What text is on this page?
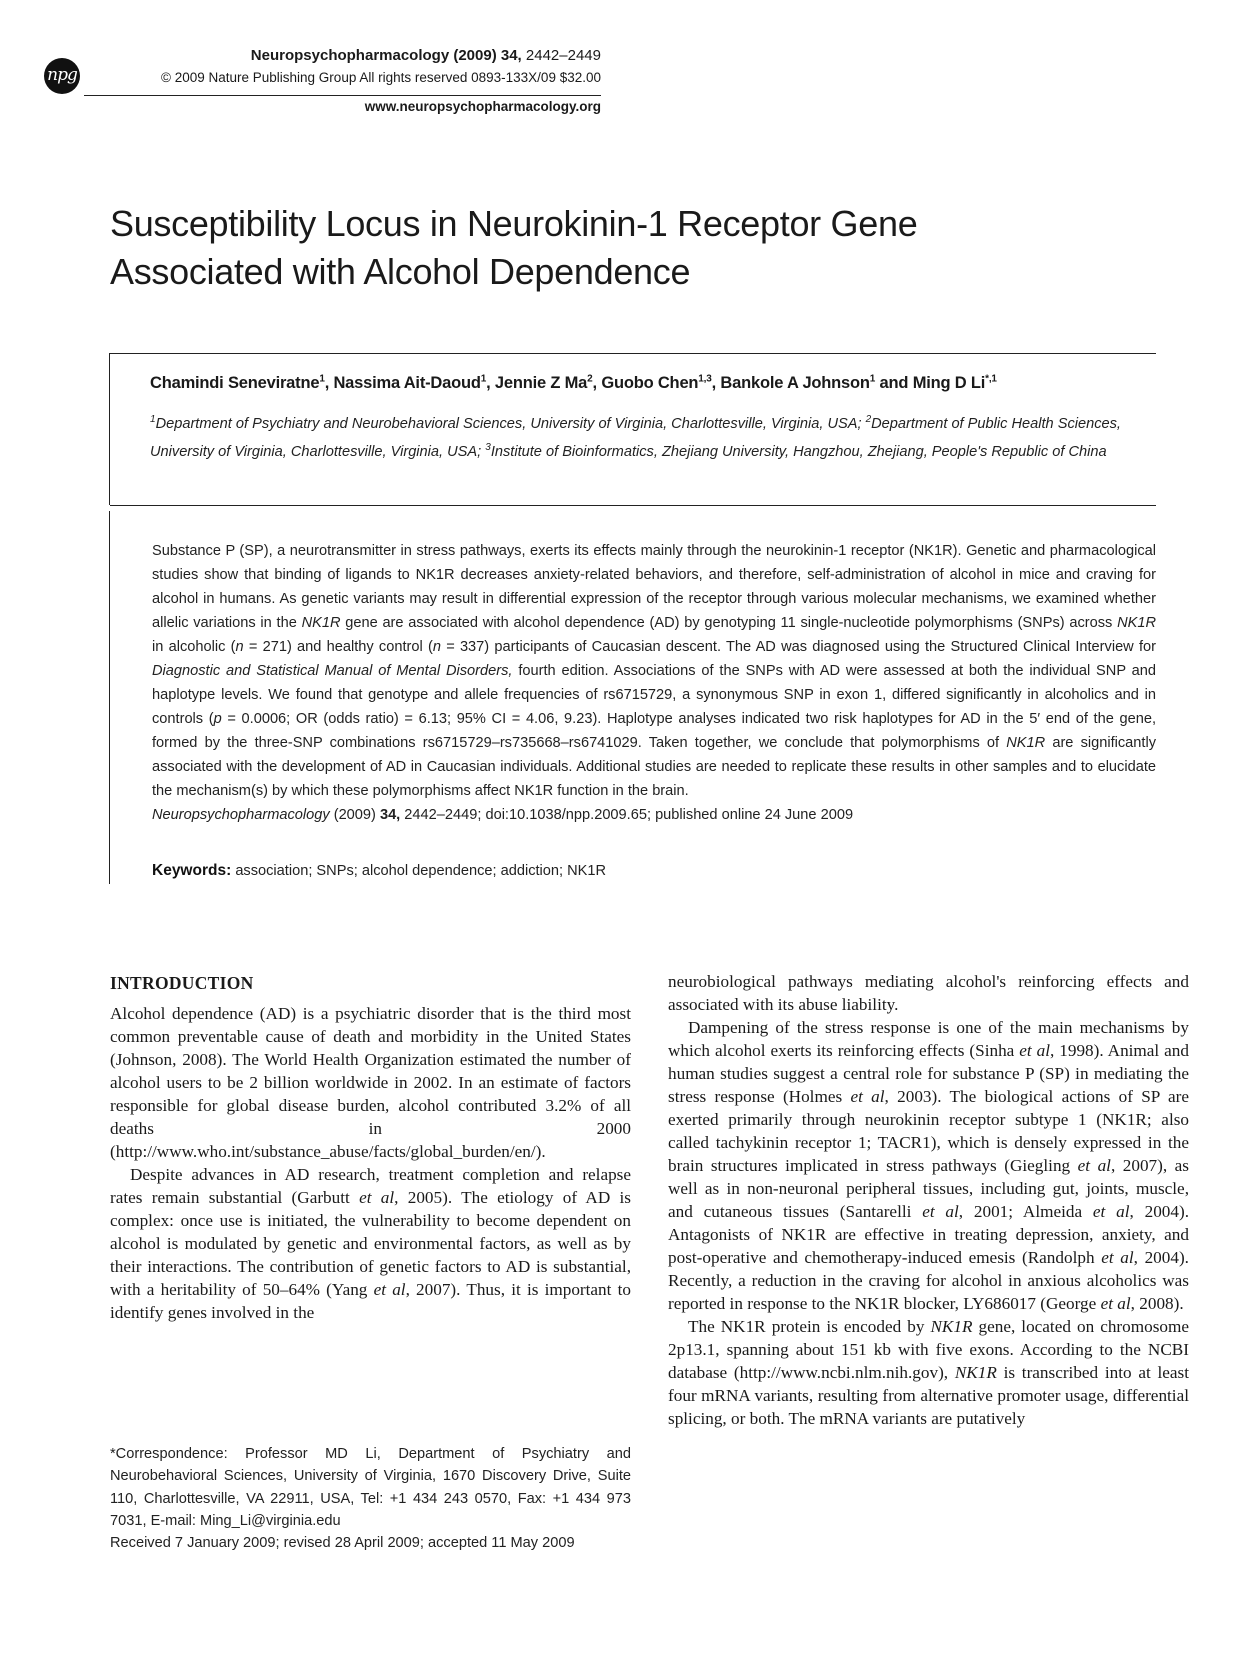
npg
Neuropsychopharmacology (2009) 34, 2442–2449
© 2009 Nature Publishing Group All rights reserved 0893-133X/09 $32.00
www.neuropsychopharmacology.org
Susceptibility Locus in Neurokinin-1 Receptor Gene
Associated with Alcohol Dependence
Chamindi Seneviratne$^1$, Nassima Ait-Daoud$^1$, Jennie Z Ma$^2$, Guobo Chen$^{1,3}$, Bankole A Johnson$^1$ and Ming D $Li^{*,1}$
$^1$Department of Psychiatry and Neurobehavioral Sciences, University of Virginia, Charlottesville, Virginia, USA; $^2$Department of Public Health Sciences, University of Virginia, Charlottesville, Virginia, USA; $^3$Institute of Bioinformatics, Zhejiang University, Hangzhou, Zhejiang, People's Republic of China
Substance P (SP), a neurotransmitter in stress pathways, exerts its effects mainly through the neurokinin-1 receptor (NK1R). Genetic and pharmacological studies show that binding of ligands to NK1R decreases anxiety-related behaviors, and therefore, self-administration of alcohol in mice and craving for alcohol in humans. As genetic variants may result in differential expression of the receptor through various molecular mechanisms, we examined whether allelic variations in the NK1R gene are associated with alcohol dependence (AD) by genotyping 11 single-nucleotide polymorphisms (SNPs) across NK1R in alcoholic (n = 271) and healthy control (n = 337) participants of Caucasian descent. The AD was diagnosed using the Structured Clinical Interview for Diagnostic and Statistical Manual of Mental Disorders, fourth edition. Associations of the SNPs with AD were assessed at both the individual SNP and haplotype levels. We found that genotype and allele frequencies of rs6715729, a synonymous SNP in exon 1, differed significantly in alcoholics and in controls (p = 0.0006; OR (odds ratio) = 6.13; 95% CI = 4.06, 9.23). Haplotype analyses indicated two risk haplotypes for AD in the 5′ end of the gene, formed by the three-SNP combinations rs6715729–rs735668–rs6741029. Taken together, we conclude that polymorphisms of NK1R are significantly associated with the development of AD in Caucasian individuals. Additional studies are needed to replicate these results in other samples and to elucidate the mechanism(s) by which these polymorphisms affect NK1R function in the brain.
Neuropsychopharmacology (2009) 34, 2442–2449; doi:10.1038/npp.2009.65; published online 24 June 2009
Keywords: association; SNPs; alcohol dependence; addiction; NK1R
INTRODUCTION

Alcohol dependence (AD) is a psychiatric disorder that is the third most common preventable cause of death and morbidity in the United States (Johnson, 2008). The World Health Organization estimated the number of alcohol users to be 2 billion worldwide in 2002. In an estimate of factors responsible for global disease burden, alcohol contributed 3.2% of all deaths in 2000 (http://www.who.int/substance_abuse/facts/global_burden/en/).

Despite advances in AD research, treatment completion and relapse rates remain substantial (Garbutt et al, 2005). The etiology of AD is complex: once use is initiated, the vulnerability to become dependent on alcohol is modulated by genetic and environmental factors, as well as by their interactions. The contribution of genetic factors to AD is substantial, with a heritability of 50–64% (Yang et al, 2007). Thus, it is important to identify genes involved in the

neurobiological pathways mediating alcohol's reinforcing effects and associated with its abuse liability.

Dampening of the stress response is one of the main mechanisms by which alcohol exerts its reinforcing effects (Sinha et al, 1998). Animal and human studies suggest a central role for substance P (SP) in mediating the stress response (Holmes et al, 2003). The biological actions of SP are exerted primarily through neurokinin receptor subtype 1 (NK1R; also called tachykinin receptor 1; TACR1), which is densely expressed in the brain structures implicated in stress pathways (Giegling et al, 2007), as well as in non-neuronal peripheral tissues, including gut, joints, muscle, and cutaneous tissues (Santarelli et al, 2001; Almeida et al, 2004). Antagonists of NK1R are effective in treating depression, anxiety, and post-operative and chemotherapy-induced emesis (Randolph et al, 2004). Recently, a reduction in the craving for alcohol in anxious alcoholics was reported in response to the NK1R blocker, LY686017 (George et al, 2008).

The NK1R protein is encoded by NK1R gene, located on chromosome 2p13.1, spanning about 151 kb with five exons. According to the NCBI database (http://www.ncbi.nlm.nih.gov), NK1R is transcribed into at least four mRNA variants, resulting from alternative promoter usage, differential splicing, or both. The mRNA variants are putatively

*Correspondence: Professor MD Li, Department of Psychiatry and Neurobehavioral Sciences, University of Virginia, 1670 Discovery Drive, Suite 110, Charlottesville, VA 22911, USA, Tel: +1 434 243 0570, Fax: +1 434 973 7031, E-mail: Ming_Li@virginia.edu

Received 7 January 2009; revised 28 April 2009; accepted 11 May 2009
